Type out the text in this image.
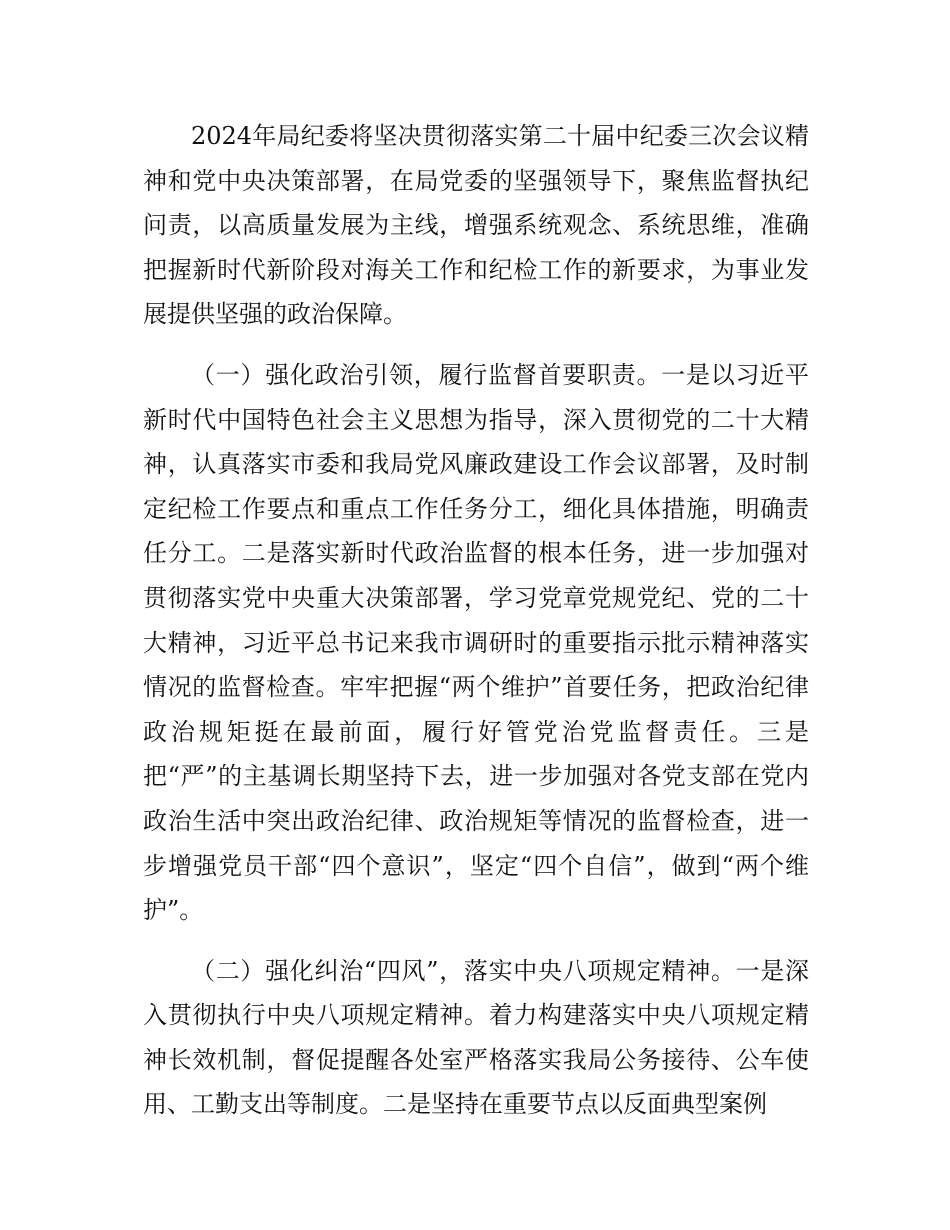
2024年局纪委将坚决贯彻落实第二十届中纪委三次会议精神和党中央决策部署，在局党委的坚强领导下，聚焦监督执纪问责，以高质量发展为主线，增强系统观念、系统思维，准确把握新时代新阶段对海关工作和纪检工作的新要求，为事业发展提供坚强的政治保障。

（一）强化政治引领，履行监督首要职责。一是以习近平新时代中国特色社会主义思想为指导，深入贯彻党的二十大精神，认真落实市委和我局党风廉政建设工作会议部署，及时制定纪检工作要点和重点工作任务分工，细化具体措施，明确责任分工。二是落实新时代政治监督的根本任务，进一步加强对贯彻落实党中央重大决策部署，学习党章党规党纪、党的二十大精神，习近平总书记来我市调研时的重要指示批示精神落实情况的监督检查。牢牢把握“两个维护”首要任务，把政治纪律政治规矩挺在最前面，履行好管党治党监督责任。三是把“严”的主基调长期坚持下去，进一步加强对各党支部在党内政治生活中突出政治纪律、政治规矩等情况的监督检查，进一步增强党员干部“四个意识”，坚定“四个自信”，做到“两个维护”。

（二）强化纠治“四风”，落实中央八项规定精神。一是深入贯彻执行中央八项规定精神。着力构建落实中央八项规定精神长效机制，督促提醒各处室严格落实我局公务接待、公车使用、工勤支出等制度。二是坚持在重要节点以反面典型案例
